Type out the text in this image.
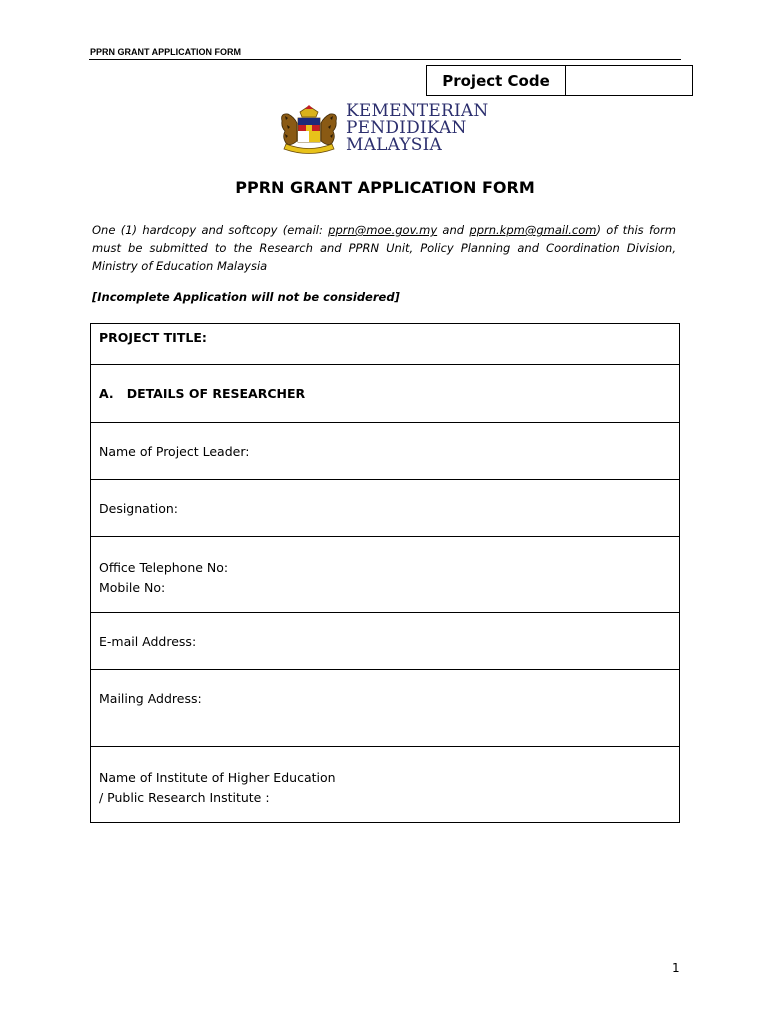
PPRN GRANT APPLICATION FORM
Project Code
KEMENTERIAN
PENDIDIKAN
MALAYSIA
PPRN GRANT APPLICATION FORM
One (1) hardcopy and softcopy (email: pprn@moe.gov.my and pprn.kpm@gmail.com) of this form must be submitted to the Research and PPRN Unit, Policy Planning and Coordination Division, Ministry of Education Malaysia
[Incomplete Application will not be considered]
PROJECT TITLE:
A.   DETAILS OF RESEARCHER
Name of Project Leader:
Designation:
Office Telephone No:
Mobile No:
E-mail Address:
Mailing Address:
Name of Institute of Higher Education
/ Public Research Institute :
1
